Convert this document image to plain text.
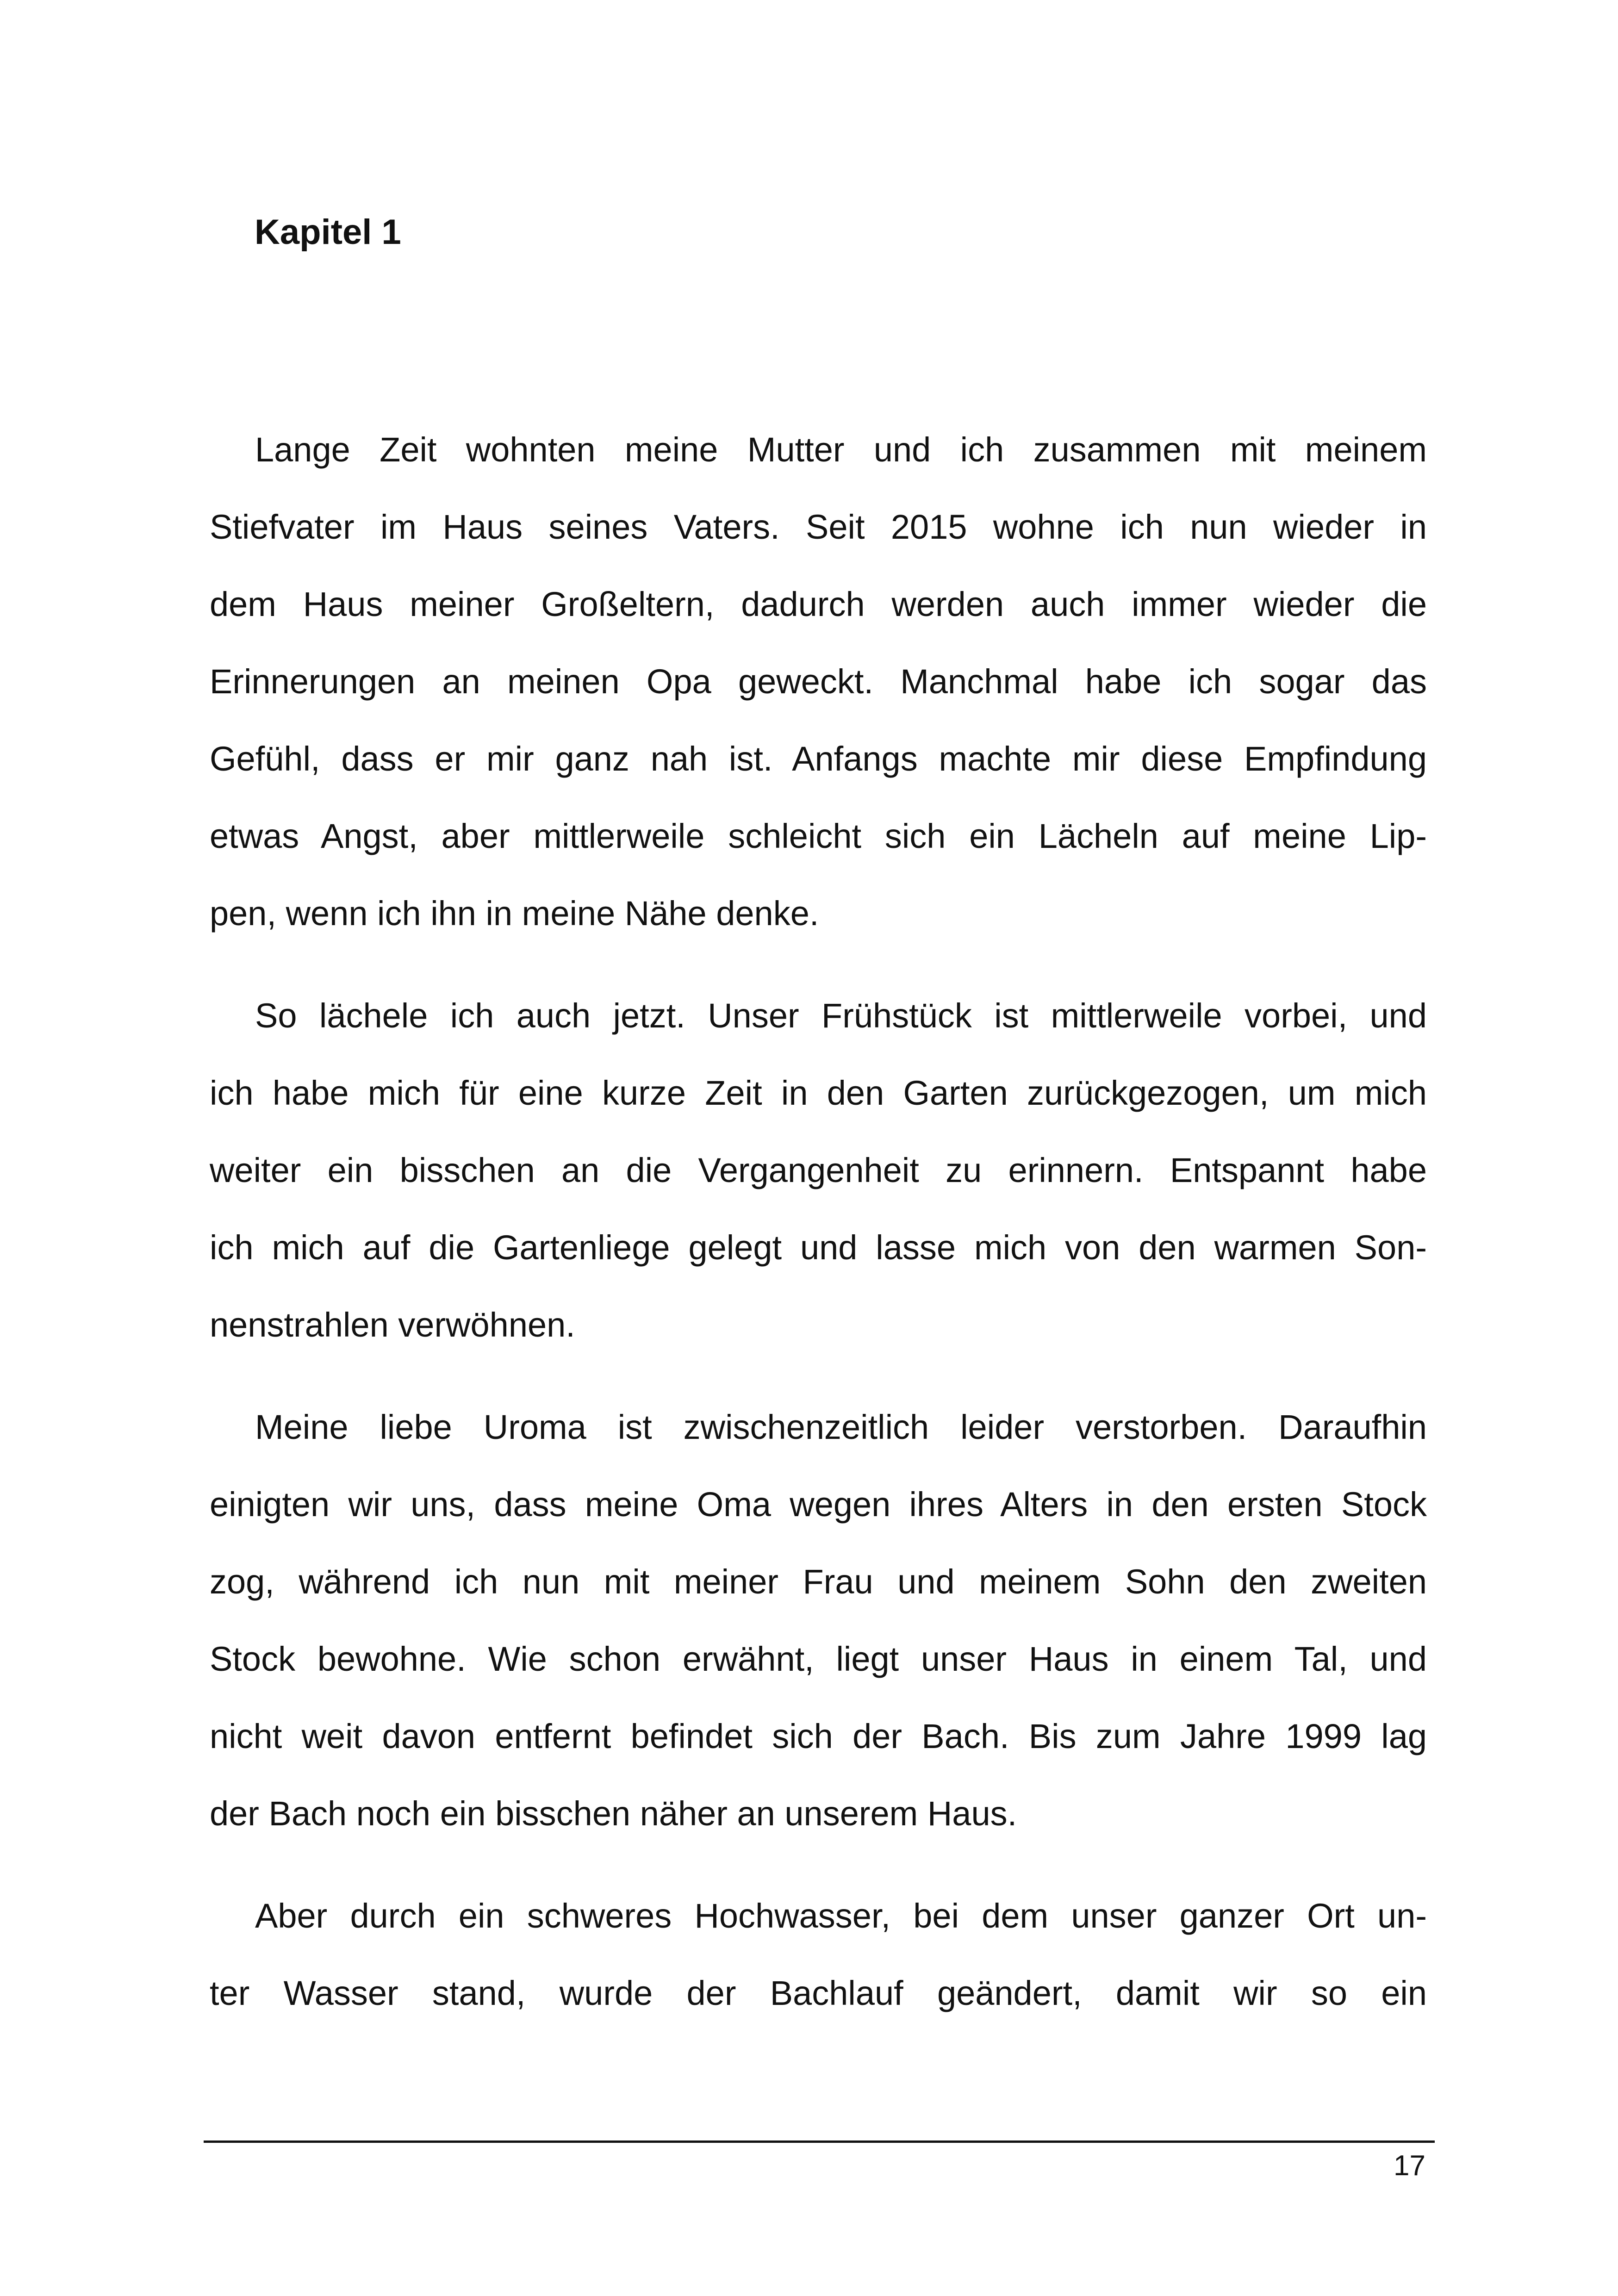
Kapitel 1

Lange Zeit wohnten meine Mutter und ich zusammen mit meinem
Stiefvater im Haus seines Vaters. Seit 2015 wohne ich nun wieder in
dem Haus meiner Großeltern, dadurch werden auch immer wieder die
Erinnerungen an meinen Opa geweckt. Manchmal habe ich sogar das
Gefühl, dass er mir ganz nah ist. Anfangs machte mir diese Empfindung
etwas Angst, aber mittlerweile schleicht sich ein Lächeln auf meine Lip-
pen, wenn ich ihn in meine Nähe denke.

So lächele ich auch jetzt. Unser Frühstück ist mittlerweile vorbei, und
ich habe mich für eine kurze Zeit in den Garten zurückgezogen, um mich
weiter ein bisschen an die Vergangenheit zu erinnern. Entspannt habe
ich mich auf die Gartenliege gelegt und lasse mich von den warmen Son-
nenstrahlen verwöhnen.

Meine liebe Uroma ist zwischenzeitlich leider verstorben. Daraufhin
einigten wir uns, dass meine Oma wegen ihres Alters in den ersten Stock
zog, während ich nun mit meiner Frau und meinem Sohn den zweiten
Stock bewohne. Wie schon erwähnt, liegt unser Haus in einem Tal, und
nicht weit davon entfernt befindet sich der Bach. Bis zum Jahre 1999 lag
der Bach noch ein bisschen näher an unserem Haus.

Aber durch ein schweres Hochwasser, bei dem unser ganzer Ort un-
ter Wasser stand, wurde der Bachlauf geändert, damit wir so ein

17
